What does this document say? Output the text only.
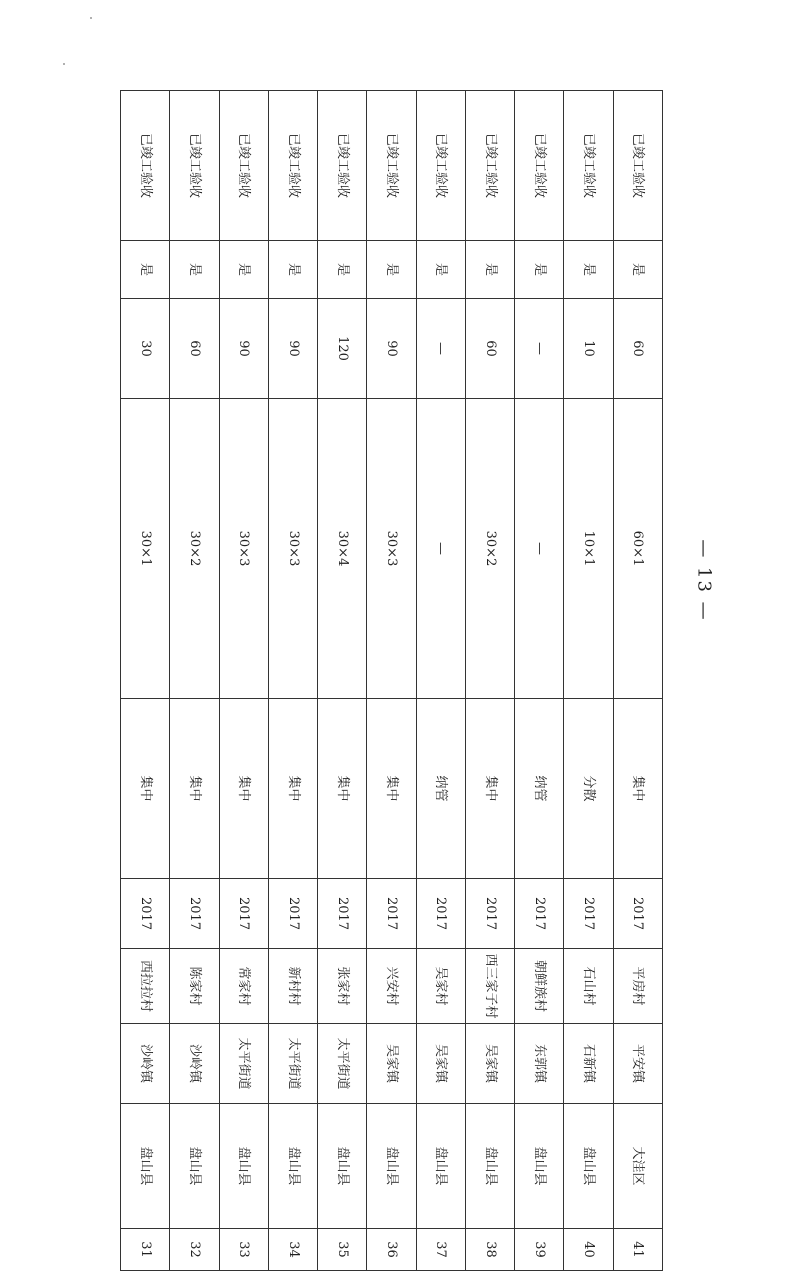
已竣工验收	是	60	60×1	集中	2017	平房村	平安镇	大洼区	41
已竣工验收	是	10	10×1	分散	2017	石山村	石新镇	盘山县	40
已竣工验收	是	—	—	纳管	2017	朝鲜族村	东郭镇	盘山县	39
已竣工验收	是	60	30×2	集中	2017	西三家子村	吴家镇	盘山县	38
已竣工验收	是	—	—	纳管	2017	吴家村	吴家镇	盘山县	37
已竣工验收	是	90	30×3	集中	2017	兴安村	吴家镇	盘山县	36
已竣工验收	是	120	30×4	集中	2017	张家村	太平街道	盘山县	35
已竣工验收	是	90	30×3	集中	2017	新村村	太平街道	盘山县	34
已竣工验收	是	90	30×3	集中	2017	常家村	太平街道	盘山县	33
已竣工验收	是	60	30×2	集中	2017	陈家村	沙岭镇	盘山县	32
已竣工验收	是	30	30×1	集中	2017	西拉拉村	沙岭镇	盘山县	31
— 13 —
